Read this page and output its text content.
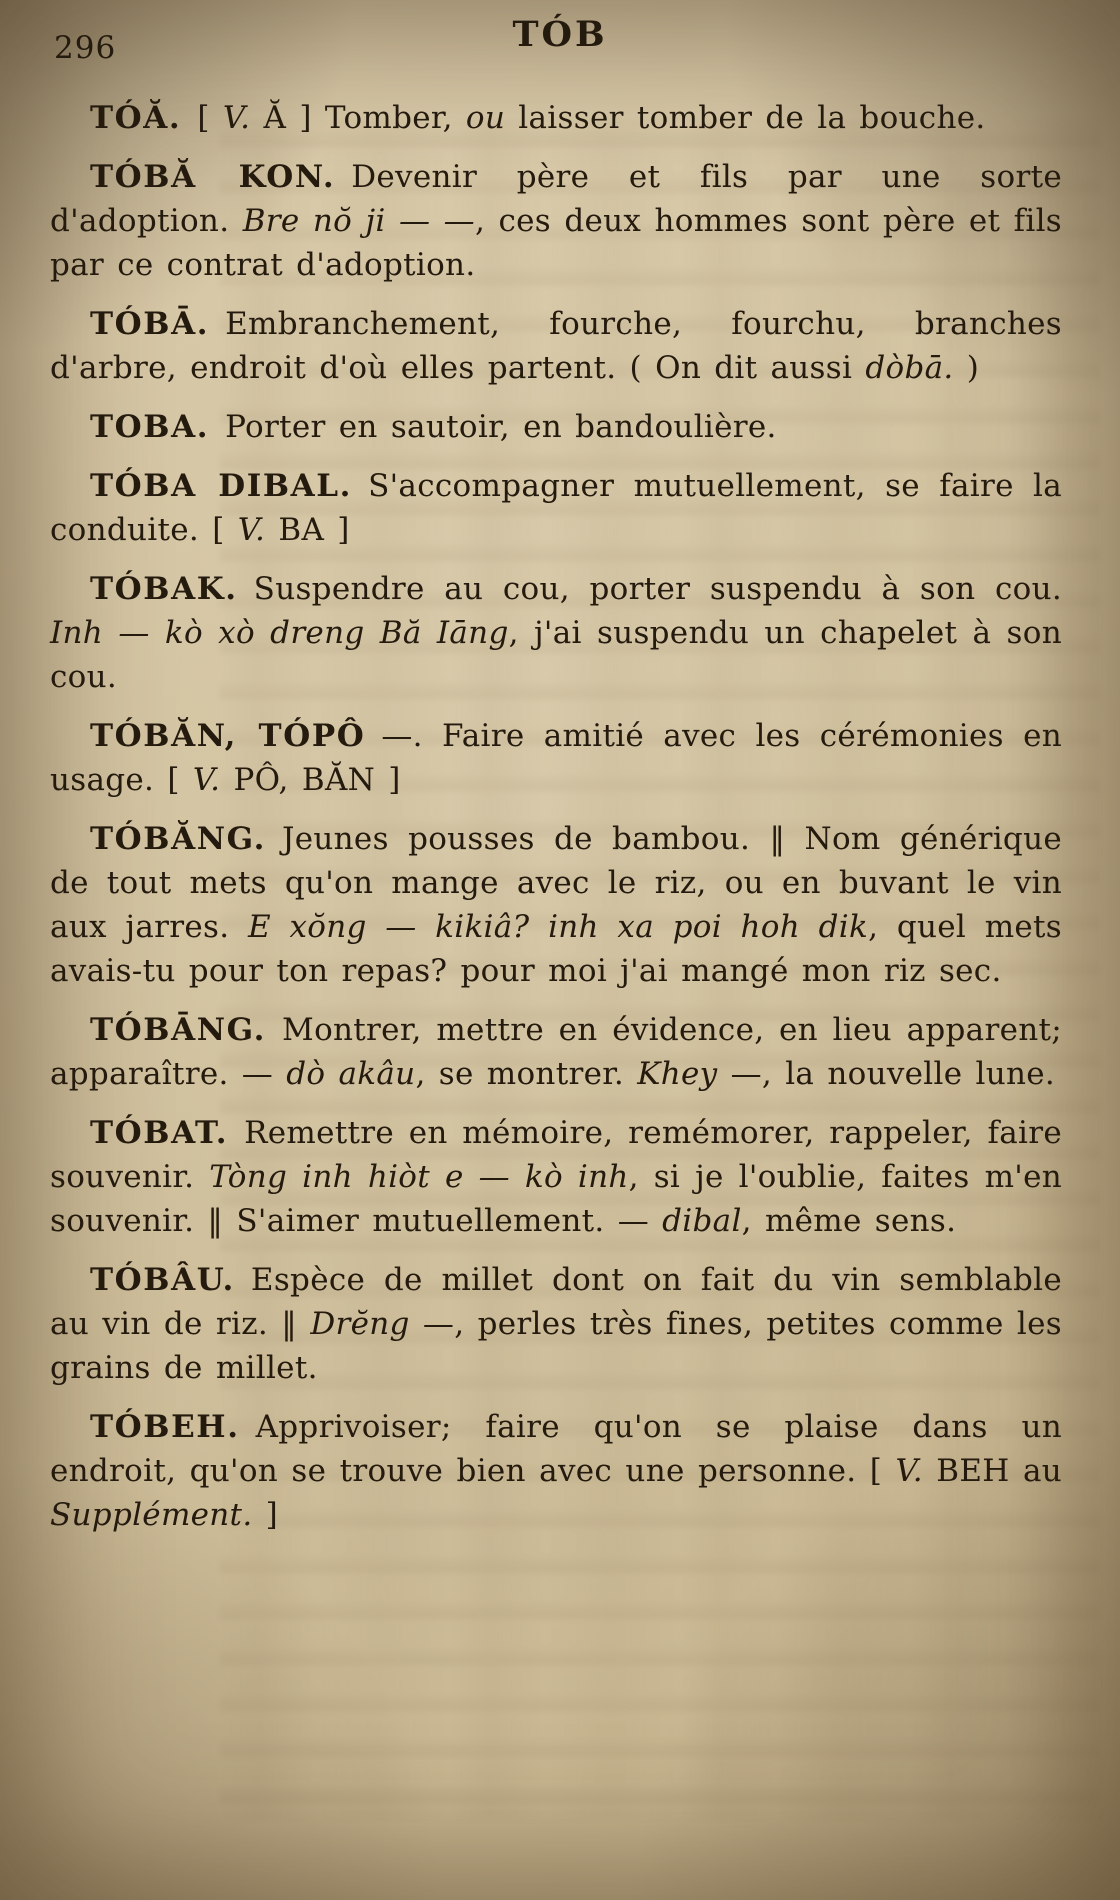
296	TÓB

TÓĂ. [ V. Ă ] Tomber, ou laisser tomber de la bouche.

TÓBĂ KON. Devenir père et fils par une sorte d'adoption. Bre nŏ ji — —, ces deux hommes sont père et fils par ce contrat d'adoption.

TÓBĀ. Embranchement, fourche, fourchu, branches d'arbre, endroit d'où elles partent. ( On dit aussi dòbā. )

TOBA. Porter en sautoir, en bandoulière.

TÓBA DIBAL. S'accompagner mutuellement, se faire la conduite. [ V. BA ]

TÓBAK. Suspendre au cou, porter suspendu à son cou. Inh — kò xò dreng Bă Iāng, j'ai suspendu un chapelet à son cou.

TÓBĂN, TÓPÔ —. Faire amitié avec les cérémonies en usage. [ V. PÔ, BĂN ]

TÓBĂNG. Jeunes pousses de bambou. ‖ Nom générique de tout mets qu'on mange avec le riz, ou en buvant le vin aux jarres. E xŏng — kikiâ? inh xa poi hoh dik, quel mets avais-tu pour ton repas? pour moi j'ai mangé mon riz sec.

TÓBĀNG. Montrer, mettre en évidence, en lieu apparent; apparaître. — dò akâu, se montrer. Khey —, la nouvelle lune.

TÓBAT. Remettre en mémoire, remémorer, rappeler, faire souvenir. Tòng inh hiòt e — kò inh, si je l'oublie, faites m'en souvenir. ‖ S'aimer mutuellement. — dibal, même sens.

TÓBÂU. Espèce de millet dont on fait du vin semblable au vin de riz. ‖ Drĕng —, perles très fines, petites comme les grains de millet.

TÓBEH. Apprivoiser; faire qu'on se plaise dans un endroit, qu'on se trouve bien avec une personne. [ V. BEH au Supplément. ]
